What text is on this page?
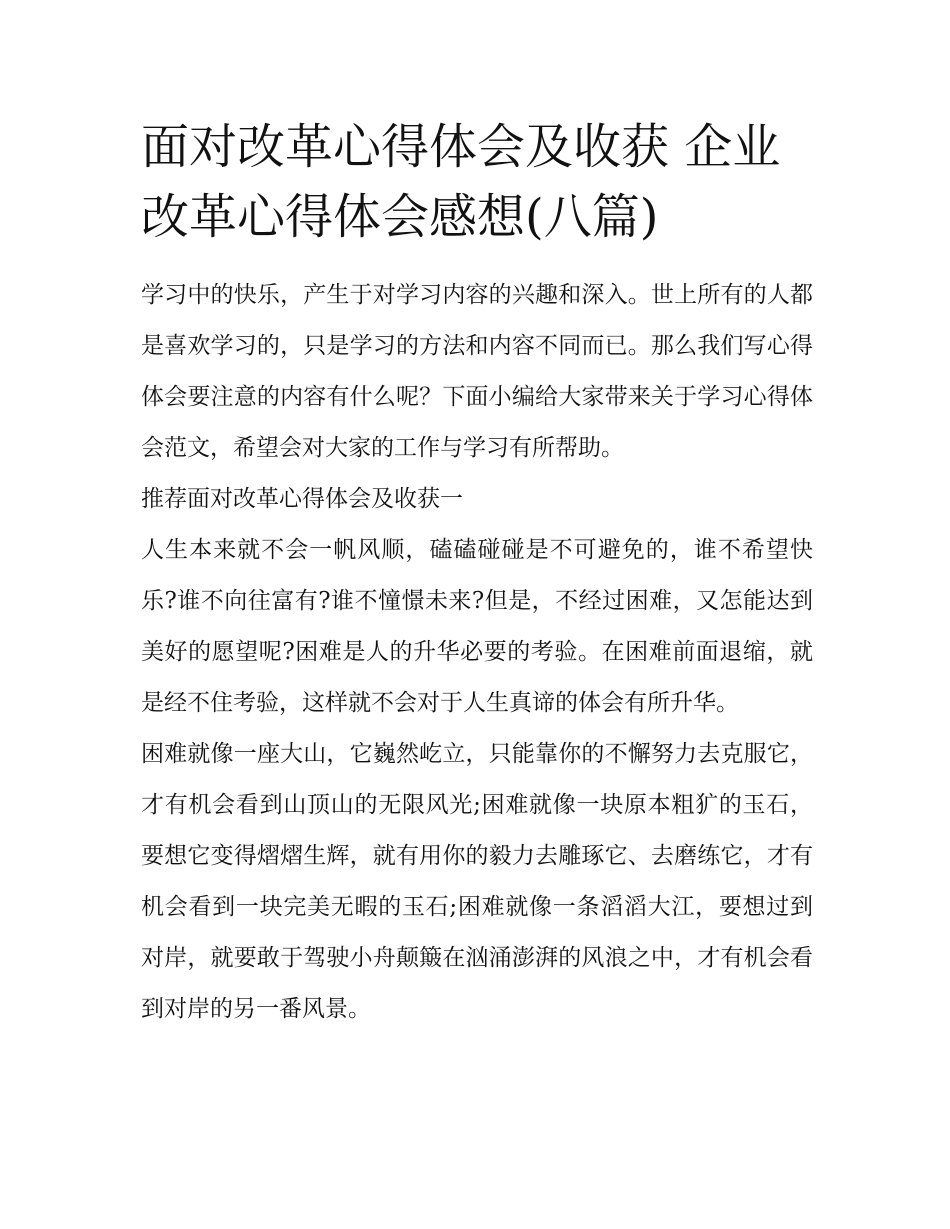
面对改革心得体会及收获 企业改革心得体会感想(八篇)

学习中的快乐，产生于对学习内容的兴趣和深入。世上所有的人都是喜欢学习的，只是学习的方法和内容不同而已。那么我们写心得体会要注意的内容有什么呢？下面小编给大家带来关于学习心得体会范文，希望会对大家的工作与学习有所帮助。

推荐面对改革心得体会及收获一

人生本来就不会一帆风顺，磕磕碰碰是不可避免的，谁不希望快乐?谁不向往富有?谁不憧憬未来?但是，不经过困难，又怎能达到美好的愿望呢?困难是人的升华必要的考验。在困难前面退缩，就是经不住考验，这样就不会对于人生真谛的体会有所升华。

困难就像一座大山，它巍然屹立，只能靠你的不懈努力去克服它，才有机会看到山顶山的无限风光;困难就像一块原本粗犷的玉石，要想它变得熠熠生辉，就有用你的毅力去雕琢它、去磨练它，才有机会看到一块完美无暇的玉石;困难就像一条滔滔大江，要想过到对岸，就要敢于驾驶小舟颠簸在汹涌澎湃的风浪之中，才有机会看到对岸的另一番风景。
